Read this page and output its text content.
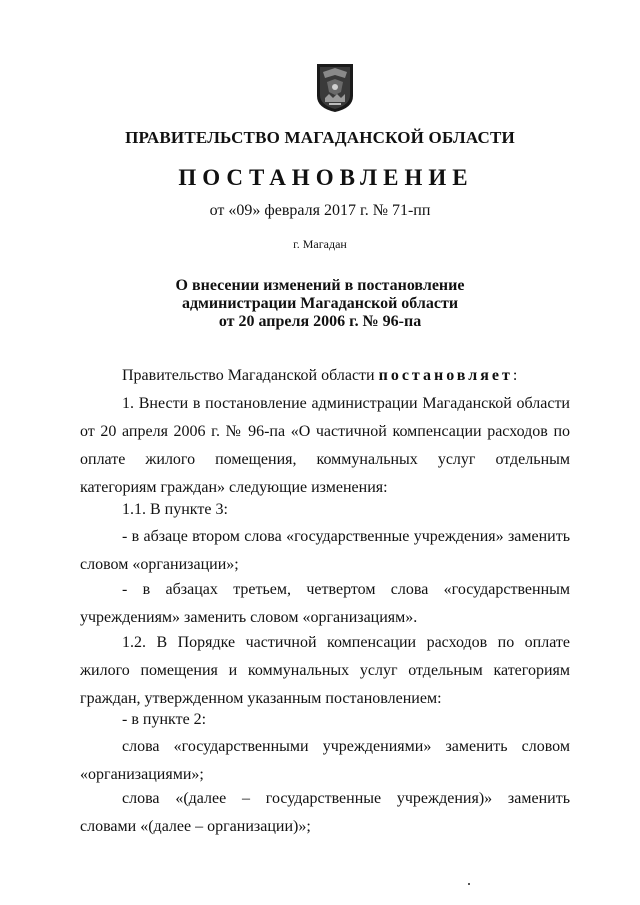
ПРАВИТЕЛЬСТВО МАГАДАНСКОЙ ОБЛАСТИ
ПОСТАНОВЛЕНИЕ
от «09» февраля 2017 г. № 71-пп
г. Магадан
О внесении изменений в постановление
администрации Магаданской области
от 20 апреля 2006 г. № 96-па

Правительство Магаданской области постановляет:

1. Внести в постановление администрации Магаданской области от 20 апреля 2006 г. № 96-па «О частичной компенсации расходов по оплате жилого помещения, коммунальных услуг отдельным категориям граждан» следующие изменения:

1.1. В пункте 3:

- в абзаце втором слова «государственные учреждения» заменить словом «организации»;

- в абзацах третьем, четвертом слова «государственным учреждениям» заменить словом «организациям».

1.2. В Порядке частичной компенсации расходов по оплате жилого помещения и коммунальных услуг отдельным категориям граждан, утвержденном указанным постановлением:

- в пункте 2:

слова «государственными учреждениями» заменить словом «организациями»;

слова «(далее – государственные учреждения)» заменить словами «(далее – организации)»;
